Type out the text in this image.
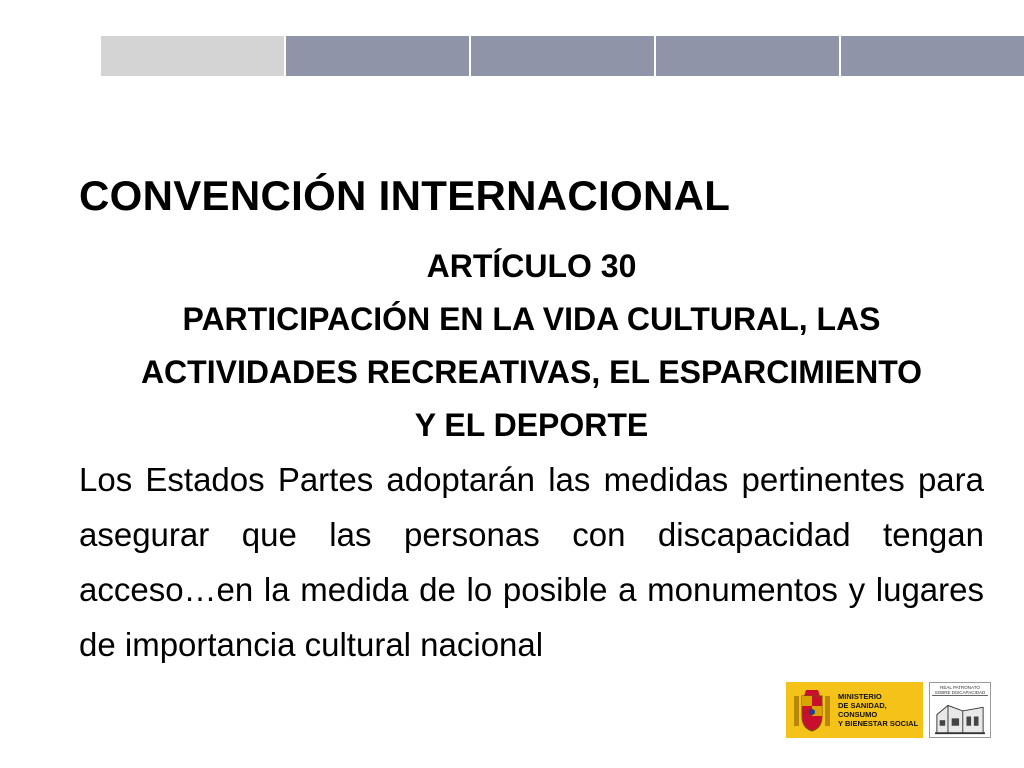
CONVENCIÓN INTERNACIONAL
ARTÍCULO 30
PARTICIPACIÓN EN LA VIDA CULTURAL, LAS
ACTIVIDADES RECREATIVAS, EL ESPARCIMIENTO
Y EL DEPORTE

Los Estados Partes adoptarán las medidas pertinentes para asegurar que las personas con discapacidad tengan acceso…en la medida de lo posible a monumentos y lugares de importancia cultural nacional

MINISTERIO
DE SANIDAD, CONSUMO
Y BIENESTAR SOCIAL
REAL PATRONATO
SOBRE DISCAPACIDAD
